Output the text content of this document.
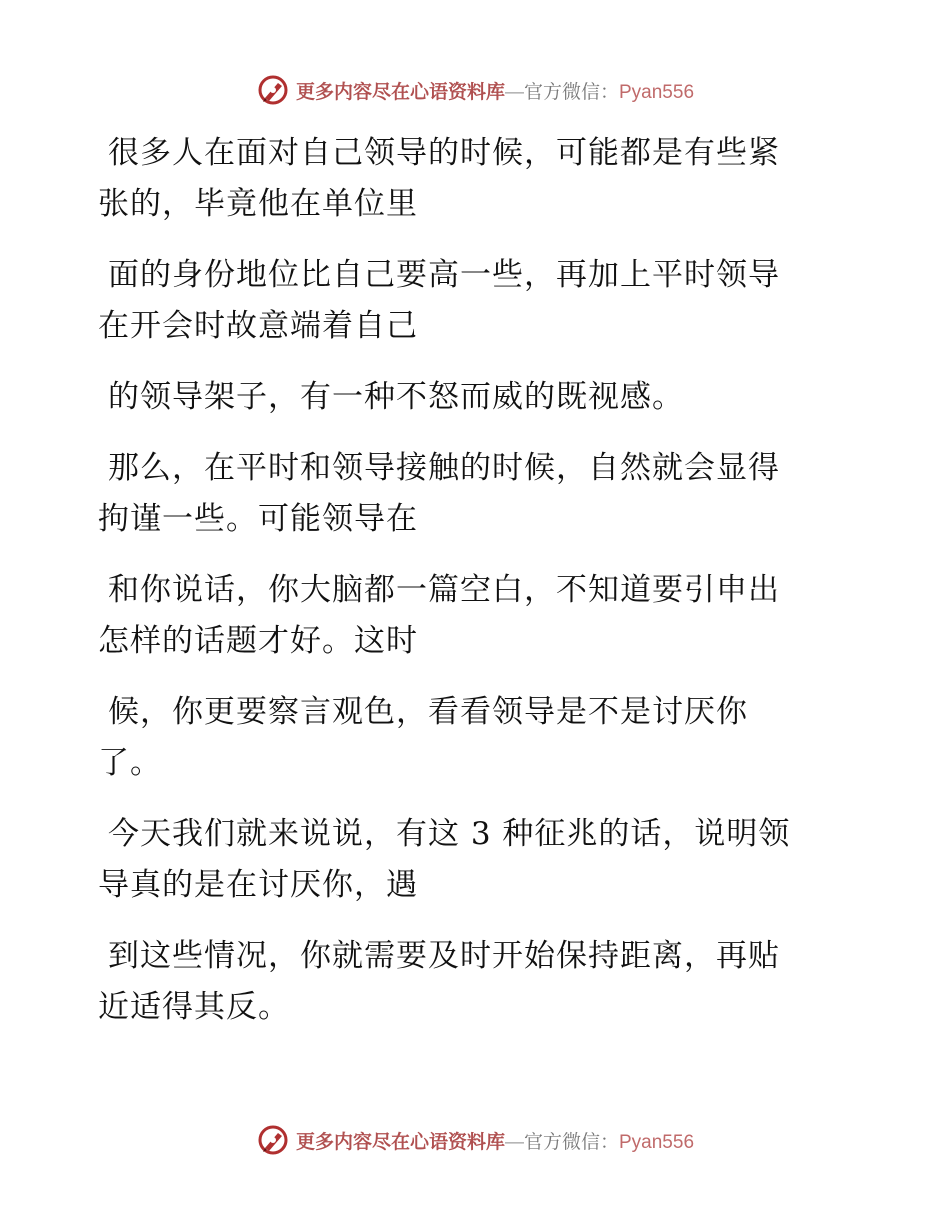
更多内容尽在心语资料库 — 官方微信： Pyan556

很多人在面对自己领导的时候，可能都是有些紧
张的，毕竟他在单位里

面的身份地位比自己要高一些，再加上平时领导
在开会时故意端着自己

的领导架子，有一种不怒而威的既视感。

那么，在平时和领导接触的时候，自然就会显得
拘谨一些。可能领导在

和你说话，你大脑都一篇空白，不知道要引申出
怎样的话题才好。这时

候，你更要察言观色，看看领导是不是讨厌你
了。

今天我们就来说说，有这 3 种征兆的话，说明领
导真的是在讨厌你，遇

到这些情况，你就需要及时开始保持距离，再贴
近适得其反。

更多内容尽在心语资料库 — 官方微信： Pyan556
